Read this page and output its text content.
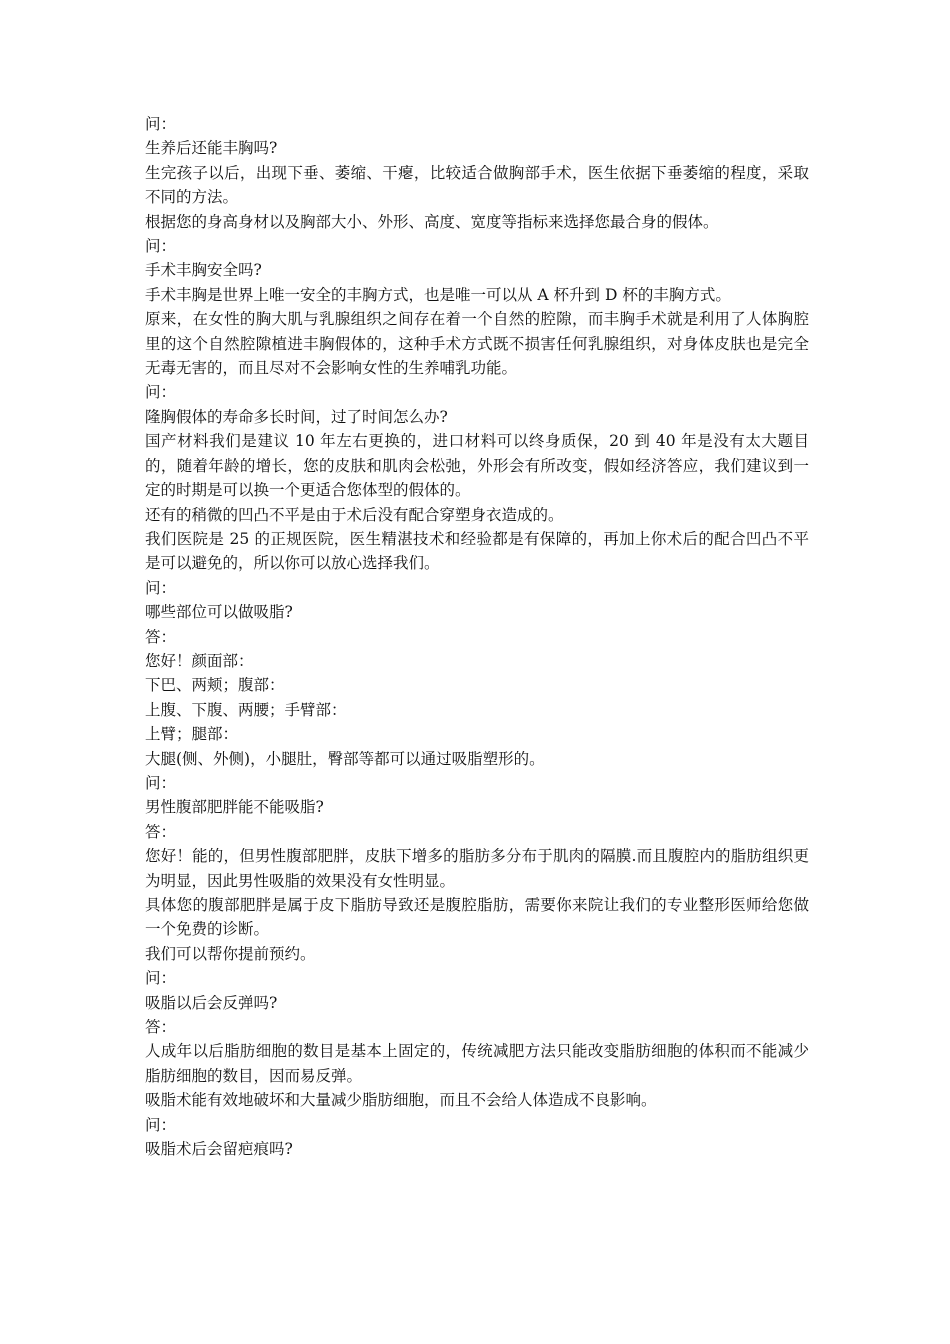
问：

生养后还能丰胸吗?

生完孩子以后，出现下垂、萎缩、干瘪，比较适合做胸部手术，医生依据下垂萎缩的程度，采取不同的方法。

根据您的身高身材以及胸部大小、外形、高度、宽度等指标来选择您最合身的假体。

问：

手术丰胸安全吗?

手术丰胸是世界上唯一安全的丰胸方式，也是唯一可以从 A 杯升到 D 杯的丰胸方式。

原来，在女性的胸大肌与乳腺组织之间存在着一个自然的腔隙，而丰胸手术就是利用了人体胸腔里的这个自然腔隙植进丰胸假体的，这种手术方式既不损害任何乳腺组织，对身体皮肤也是完全无毒无害的，而且尽对不会影响女性的生养哺乳功能。

问：

隆胸假体的寿命多长时间，过了时间怎么办?

国产材料我们是建议 10 年左右更换的，进口材料可以终身质保，20 到 40 年是没有太大题目的，随着年龄的增长，您的皮肤和肌肉会松弛，外形会有所改变，假如经济答应，我们建议到一定的时期是可以换一个更适合您体型的假体的。

还有的稍微的凹凸不平是由于术后没有配合穿塑身衣造成的。

我们医院是 25 的正规医院，医生精湛技术和经验都是有保障的，再加上你术后的配合凹凸不平是可以避免的，所以你可以放心选择我们。

问：

哪些部位可以做吸脂?

答：

您好！颜面部：

下巴、两颊；腹部：

上腹、下腹、两腰；手臂部：

上臂；腿部：

大腿(侧、外侧)，小腿肚，臀部等都可以通过吸脂塑形的。

问：

男性腹部肥胖能不能吸脂?

答：

您好！能的，但男性腹部肥胖，皮肤下增多的脂肪多分布于肌肉的隔膜.而且腹腔内的脂肪组织更为明显，因此男性吸脂的效果没有女性明显。

具体您的腹部肥胖是属于皮下脂肪导致还是腹腔脂肪，需要你来院让我们的专业整形医师给您做一个免费的诊断。

我们可以帮你提前预约。

问：

吸脂以后会反弹吗?

答：

人成年以后脂肪细胞的数目是基本上固定的，传统减肥方法只能改变脂肪细胞的体积而不能减少脂肪细胞的数目，因而易反弹。

吸脂术能有效地破坏和大量减少脂肪细胞，而且不会给人体造成不良影响。

问：

吸脂术后会留疤痕吗?
